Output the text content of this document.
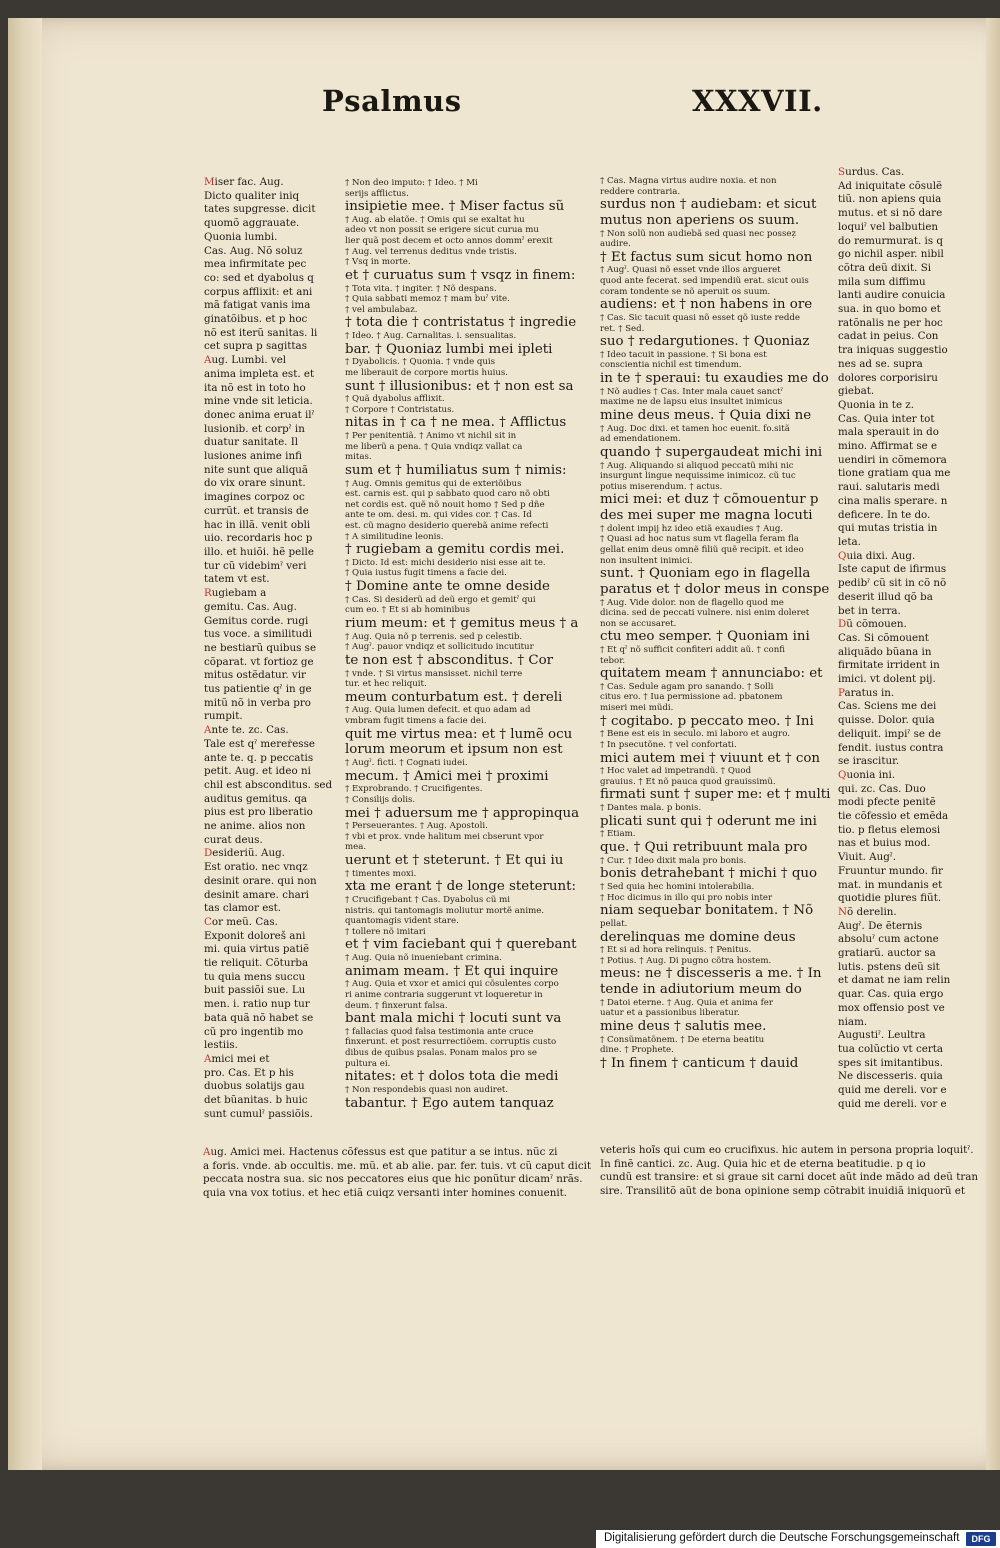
Psalmus	XXXVII.
Miser fac. Aug.
Dicto qualiter iniq
tates supgresse. dicit
quomõ aggrauate.
Quonia lumbi.
Cas. Aug. Nõ soluz
mea infirmitate pec
co: sed et dyabolus q
corpus afflixit: et ani
mã fatigat vanis ima
ginatõibus. et p hoc
nõ est iterũ sanitas. li
cet supra p sagittas
Aug. Lumbi. vel
anima impleta est. et
ita nõ est in toto ho
mine vnde sit leticia.
donec anima eruat ilˀ
lusionib. et corpˀ in
duatur sanitate. Il
lusiones anime infi
nite sunt que aliquã
do vix orare sinunt.
imagines corpoz oc
currũt. et transis de
hac in illã. venit obli
uio. recordaris hoc p
illo. et huiõi. hẽ pelle
tur cũ videbimˀ veri
tatem vt est.
Rugiebam a
gemitu. Cas. Aug.
Gemitus corde. rugi
tus voce. a similitudi
ne bestiarũ quibus se
cõparat. vt fortioz ge
mitus ostẽdatur. vir
tus patientie qˀ in ge
mitũ nõ in verba pro
rumpit.
Ante te. zc. Cas.
Tale est qˀ mereṙesse
ante te. q. p peccatis
petit. Aug. et ideo ni
chil est absconditus. sed
auditus gemitus. qa
pius est pro liberatio
ne anime. alios non
curat deus.
Desideriũ. Aug.
Est oratio. nec vnqz
desinit orare. qui non
desinit amare. chari
tas clamor est.
Cor meũ. Cas.
Exponit doloreš ani
mi. quia virtus patiẽ
tie reliquit. Cõturba
tu quia mens succu
buit passiõi sue. Lu
men. i. ratio nup tur
bata quã nõ habet se
cũ pro ingentib mo
lestiis.
Amici mei et
pro. Cas. Et p his
duobus solatijs gau
det bũanitas. b huic
sunt cumulˀ passiõis.
† Non deo imputo: † Ideo. † Mi
serijs afflictus.
insipietie mee. † Miser factus sũ
† Aug. ab elatõe. † Omis qui se exaltat hu
adeo vt non possit se erigere sicut curua mu
lier quã post decem et octo annos dommˀ erexit
† Aug. vel terrenus deditus vnde tristis.
† Vsq in morte.
et † curuatus sum † vsqz in finem:
† Tota vita. † ingiter. † Nõ despans.
† Quia sabbati memoz † mam buˀ vite.
† vel ambulabaz.
† tota die † contristatus † ingredie
† Ideo. † Aug. Carnalitas. i. sensualitas.
bar. † Quoniaz lumbi mei ipleti
† Dyabolicis. † Quonia. † vnde quis
me liberauit de corpore mortis huius.
sunt † illusionibus: et † non est sa
† Quã dyabolus afflixit.
† Corpore † Contristatus.
nitas in † ca † ne mea. † Afflictus
† Per penitentiã. † Animo vt nichil sit in
me liberũ a pena. † Quia vndiqz vallat ca
mitas.
sum et † humiliatus sum † nimis:
† Aug. Omnis gemitus qui de exteriõibus
est. carnis est. qui p sabbato quod caro nõ obti
net cordis est. quẽ nõ nouit homo † Sed p dñe
ante te om. desi. m. qui vides cor. † Cas. Id
est. cũ magno desiderio querebã anime refecti
† A similitudine leonis.
† rugiebam a gemitu cordis mei.
† Dicto. Id est: michi desiderio nisi esse ait te.
† Quia iustus fugit timens a facie dei.
† Domine ante te omne deside
† Cas. Si desiderũ ad deũ ergo et gemitˀ qui
cum eo. † Et si ab hominibus
rium meum: et † gemitus meus † a
† Aug. Quia nõ p terrenis. sed p celestib.
† Augˀ. pauor vndiqz et sollicitudo incutitur
te non est † absconditus. † Cor
† vnde. † Si virtus mansisset. nichil terre
tur. et hec reliquit.
meum conturbatum est. † dereli
† Aug. Quia lumen defecit. et quo adam ad
vmbram fugit timens a facie dei.
quit me virtus mea: et † lumẽ ocu
lorum meorum et ipsum non est
† Augˀ. ficti. † Cognati iudei.
mecum. † Amici mei † proximi
† Exprobrando. † Crucifigentes.
† Consilijs dolis.
mei † aduersum me † appropinqua
† Perseuerantes. † Aug. Apostoli.
† vbi et prox. vnde halitum mei cbserunt vpor
mea.
uerunt et † steterunt. † Et qui iu
† timentes moxi.
xta me erant † de longe steterunt:
† Crucifigebant † Cas. Dyabolus cũ mi
nistris. qui tantomagis moliutur mortẽ anime.
quantomagis vident stare.
† tollere nõ imitari
et † vim faciebant qui † querebant
† Aug. Quia nõ inueniebant crimina.
animam meam. † Et qui inquire
† Aug. Quia et vxor et amici qui cõsulentes corpo
ri anime contraria suggerunt vt loqueretur in
deum. † finxerunt falsa.
bant mala michi † locuti sunt va
† fallacias quod falsa testimonia ante cruce
finxerunt. et post resurrectiõem. corruptis custo
dibus de quibus psalas. Ponam malos pro se
pultura ei.
nitates: et † dolos tota die medi
† Non respondebis quasi non audiret.
tabantur. † Ego autem tanquaz
† Cas. Magna virtus audire noxia. et non
reddere contraria.
surdus non † audiebam: et sicut
mutus non aperiens os suum.
† Non solũ non audiebã sed quasi nec posseẓ
audire.
† Et factus sum sicut homo non
† Augˀ. Quasi nõ esset vnde illos argueret
quod ante fecerat. sed impendiũ erat. sicut ouis
coram tondente se nõ aperuit os suum.
audiens: et † non habens in ore
† Cas. Sic tacuit quasi nõ esset qõ iuste redde
ret. † Sed.
suo † redargutiones. † Quoniaz
† Ideo tacuit in passione. † Si bona est
conscientia nichil est timendum.
in te † speraui: tu exaudies me do
† Nõ audies † Cas. Inter mala cauet sanctˀ
maxime ne de lapsu eius insultet inimicus
mine deus meus. † Quia dixi ne
† Aug. Doc dixi. et tamen hoc euenit. fo.sitã
ad emendationem.
quando † supergaudeat michi ini
† Aug. Aliquando si aliquod peccatũ mihi nic
insurgunt lingue nequissime inimicoz. cũ tuc
potius miserendum. † actus.
mici mei: et duz † cõmouentur p
des mei super me magna locuti
† dolent impij hz ideo etiã exaudies † Aug.
† Quasi ad hoc natus sum vt flagella feram fla
gellat enim deus omnẽ filiũ quẽ recipit. et ideo
non insultent inimici.
sunt. † Quoniam ego in flagella
paratus et † dolor meus in conspe
† Aug. Vide dolor. non de flagello quod me
dicina. sed de peccati vulnere. nisi enim doleret
non se accusaret.
ctu meo semper. † Quoniam ini
† Et qˀ nõ sufficit confiteri addit aũ. † confi
tebor.
quitatem meam † annunciabo: et
† Cas. Sedule agam pro sanando. † Solli
citus ero. † Iua permissione ad. pbatonem
miseri mei mũdi.
† cogitabo. p peccato meo. † Ini
† Bene est eis in seculo. mi laboro et augro.
† In psecutõne. † vel confortati.
mici autem mei † viuunt et † con
† Hoc valet ad impetrandũ. † Quod
grauius. † Et nõ pauca quod grauissimũ.
firmati sunt † super me: et † multi
† Dantes mala. p bonis.
plicati sunt qui † oderunt me ini
† Etiam.
que. † Qui retribuunt mala pro
† Cur. † Ideo dixit mala pro bonis.
bonis detrahebant † michi † quo
† Sed quia hec homini intolerabilia.
† Hoc dicimus in illo qui pro nobis inter
niam sequebar bonitatem. † Nõ
pellat.
derelinquas me domine deus
† Et si ad hora relinquis. † Penitus.
† Potius. † Aug. Di pugno cõtra hostem.
meus: ne † discesseris a me. † In
tende in adiutorium meum do
† Datoi eterne. † Aug. Quia et anima fer
uatur et a passionibus liberatur.
mine deus † salutis mee.
† Consũmatõnem. † De eterna beatitu
dine. † Prophete.
† In finem † canticum † dauid
Surdus. Cas.
Ad iniquitate cõsulẽ
tiũ. non apiens quia
mutus. et si nõ dare
loquiˀ vel balbutien
do remurmurat. is q
go nichil asper. nibil
cõtra deũ dixit. Si
mila sum diffimu
lanti audire conuicia
sua. in quo bomo et
ratõnalis ne per hoc
cadat in peius. Con
tra iniquas suggestio
nes ad se. supra
dolores corporisiru
giebat.
Quonia in te z.
Cas. Quia inter tot
mala sperauit in do
mino. Affirmat se e
uendiri in cõmemora
tione gratiam qua me
raui. salutaris medi
cina malis sperare. n
deficere. In te do.
qui mutas tristia in
leta.
Quia dixi. Aug.
Iste caput de ifirmus
pedibˀ cũ sit in cõ nõ
deserit illud qõ ba
bet in terra.
Dũ cõmouen.
Cas. Si cõmouent
aliquãdo bũana in
firmitate irrident in
imici. vt dolent pij.
Paratus in.
Cas. Sciens me dei
quisse. Dolor. quia
deliquit. impiˀ se de
fendit. iustus contra
se irascitur.
Quonia ini.
qui. zc. Cas. Duo
modi pfecte penitẽ
tie cõfessio et emẽda
tio. p fletus elemosi
nas et buius mod.
Viuit. Augˀ.
Fruuntur mundo. fir
mat. in mundanis et
quotidie plures fiũt.
Nõ derelin.
Augˀ. De ẽternis
absoluˀ cum actone
gratiarũ. auctor sa
lutis. pstens deũ sit
et damat ne iam relin
quar. Cas. quia ergo
mox offensio post ve
niam.
Augustiˀ. Leultra
tua colũctio vt certa
spes sit imitantibus.
Ne discesseris. quia
quid me dereli. vor e
quid me dereli. vor e
Aug. Amici mei. Hactenus cõfessus est que patitur a se intus. nũc zi
a foris. vnde. ab occultis. me. mũ. et ab alie. par. fer. tuis. vt cũ caput dicit
peccata nostra sua. sic nos peccatores eius que hic ponũtur dicamˀ nrãs.
quia vna vox totius. et hec etiã cuiqz versanti inter homines conuenit.
veteris hoĩs qui cum eo crucifixus. hic autem in persona propria loquitˀ.
In finẽ cantici. zc. Aug. Quia hic et de eterna beatitudie. p q io
cundũ est transire: et si graue sit carni docet aũt inde mãdo ad deũ tran
sire. Transilitõ aũt de bona opinione semp cõtrabit inuidiã iniquorũ et
Digitalisierung gefördert durch die Deutsche Forschungsgemeinschaft	DFG
